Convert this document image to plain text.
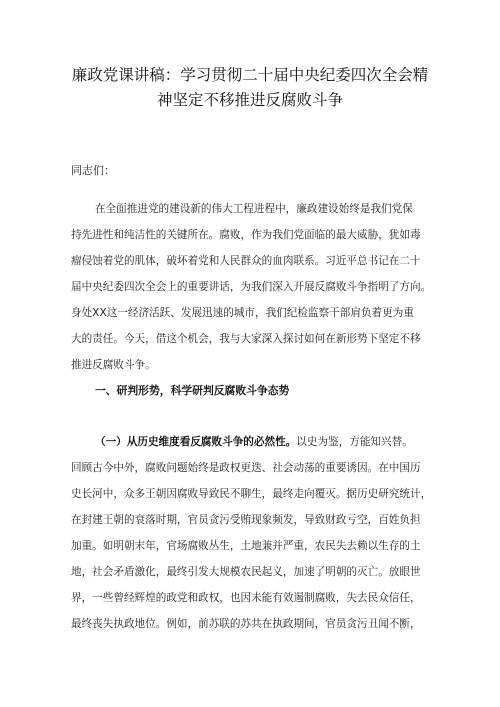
廉政党课讲稿：学习贯彻二十届中央纪委四次全会精
神坚定不移推进反腐败斗争
同志们：
在全面推进党的建设新的伟大工程进程中，廉政建设始终是我们党保
持先进性和纯洁性的关键所在。腐败，作为我们党面临的最大威胁，犹如毒
瘤侵蚀着党的肌体，破坏着党和人民群众的血肉联系。习近平总书记在二十
届中央纪委四次全会上的重要讲话，为我们深入开展反腐败斗争指明了方向。
身处XX这一经济活跃、发展迅速的城市，我们纪检监察干部肩负着更为重
大的责任。今天，借这个机会，我与大家深入探讨如何在新形势下坚定不移
推进反腐败斗争。
一、研判形势，科学研判反腐败斗争态势
（一）从历史维度看反腐败斗争的必然性。以史为鉴，方能知兴替。
回顾古今中外，腐败问题始终是政权更迭、社会动荡的重要诱因。在中国历
史长河中，众多王朝因腐败导致民不聊生，最终走向覆灭。据历史研究统计，
在封建王朝的衰落时期，官员贪污受贿现象频发，导致财政亏空，百姓负担
加重。如明朝末年，官场腐败丛生，土地兼并严重，农民失去赖以生存的土
地，社会矛盾激化，最终引发大规模农民起义，加速了明朝的灭亡。放眼世
界，一些曾经辉煌的政党和政权，也因未能有效遏制腐败，失去民众信任，
最终丧失执政地位。例如，前苏联的苏共在执政期间，官员贪污丑闻不断，
